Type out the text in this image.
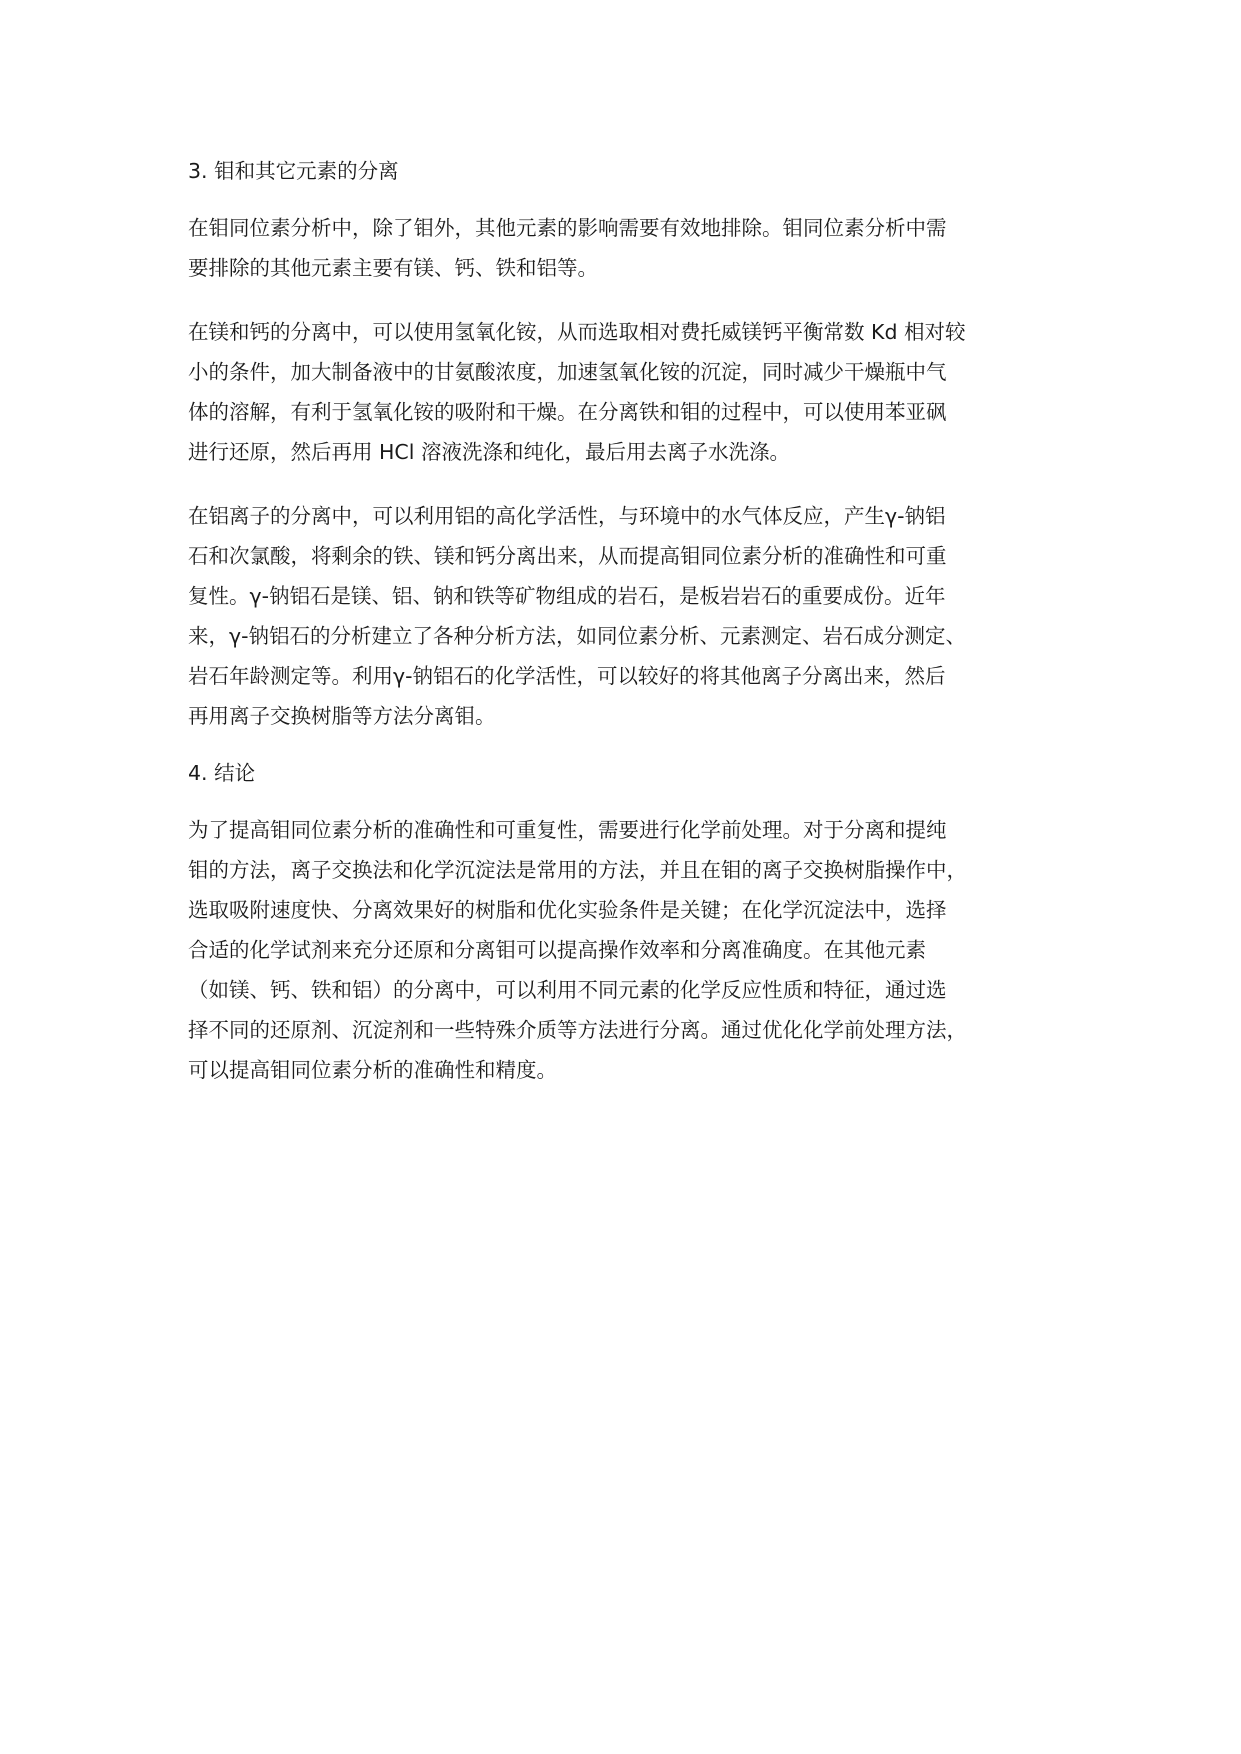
3. 钼和其它元素的分离
在钼同位素分析中，除了钼外，其他元素的影响需要有效地排除。钼同位素分析中需
要排除的其他元素主要有镁、钙、铁和铝等。
在镁和钙的分离中，可以使用氢氧化铵，从而选取相对费托威镁钙平衡常数 Kd 相对较
小的条件，加大制备液中的甘氨酸浓度，加速氢氧化铵的沉淀，同时减少干燥瓶中气
体的溶解，有利于氢氧化铵的吸附和干燥。在分离铁和钼的过程中，可以使用苯亚砜
进行还原，然后再用 HCl 溶液洗涤和纯化，最后用去离子水洗涤。
在铝离子的分离中，可以利用铝的高化学活性，与环境中的水气体反应，产生γ-钠铝
石和次氯酸，将剩余的铁、镁和钙分离出来，从而提高钼同位素分析的准确性和可重
复性。γ-钠铝石是镁、铝、钠和铁等矿物组成的岩石，是板岩岩石的重要成份。近年
来，γ-钠铝石的分析建立了各种分析方法，如同位素分析、元素测定、岩石成分测定、
岩石年龄测定等。利用γ-钠铝石的化学活性，可以较好的将其他离子分离出来，然后
再用离子交换树脂等方法分离钼。
4. 结论
为了提高钼同位素分析的准确性和可重复性，需要进行化学前处理。对于分离和提纯
钼的方法，离子交换法和化学沉淀法是常用的方法，并且在钼的离子交换树脂操作中，
选取吸附速度快、分离效果好的树脂和优化实验条件是关键；在化学沉淀法中，选择
合适的化学试剂来充分还原和分离钼可以提高操作效率和分离准确度。在其他元素
（如镁、钙、铁和铝）的分离中，可以利用不同元素的化学反应性质和特征，通过选
择不同的还原剂、沉淀剂和一些特殊介质等方法进行分离。通过优化化学前处理方法，
可以提高钼同位素分析的准确性和精度。
